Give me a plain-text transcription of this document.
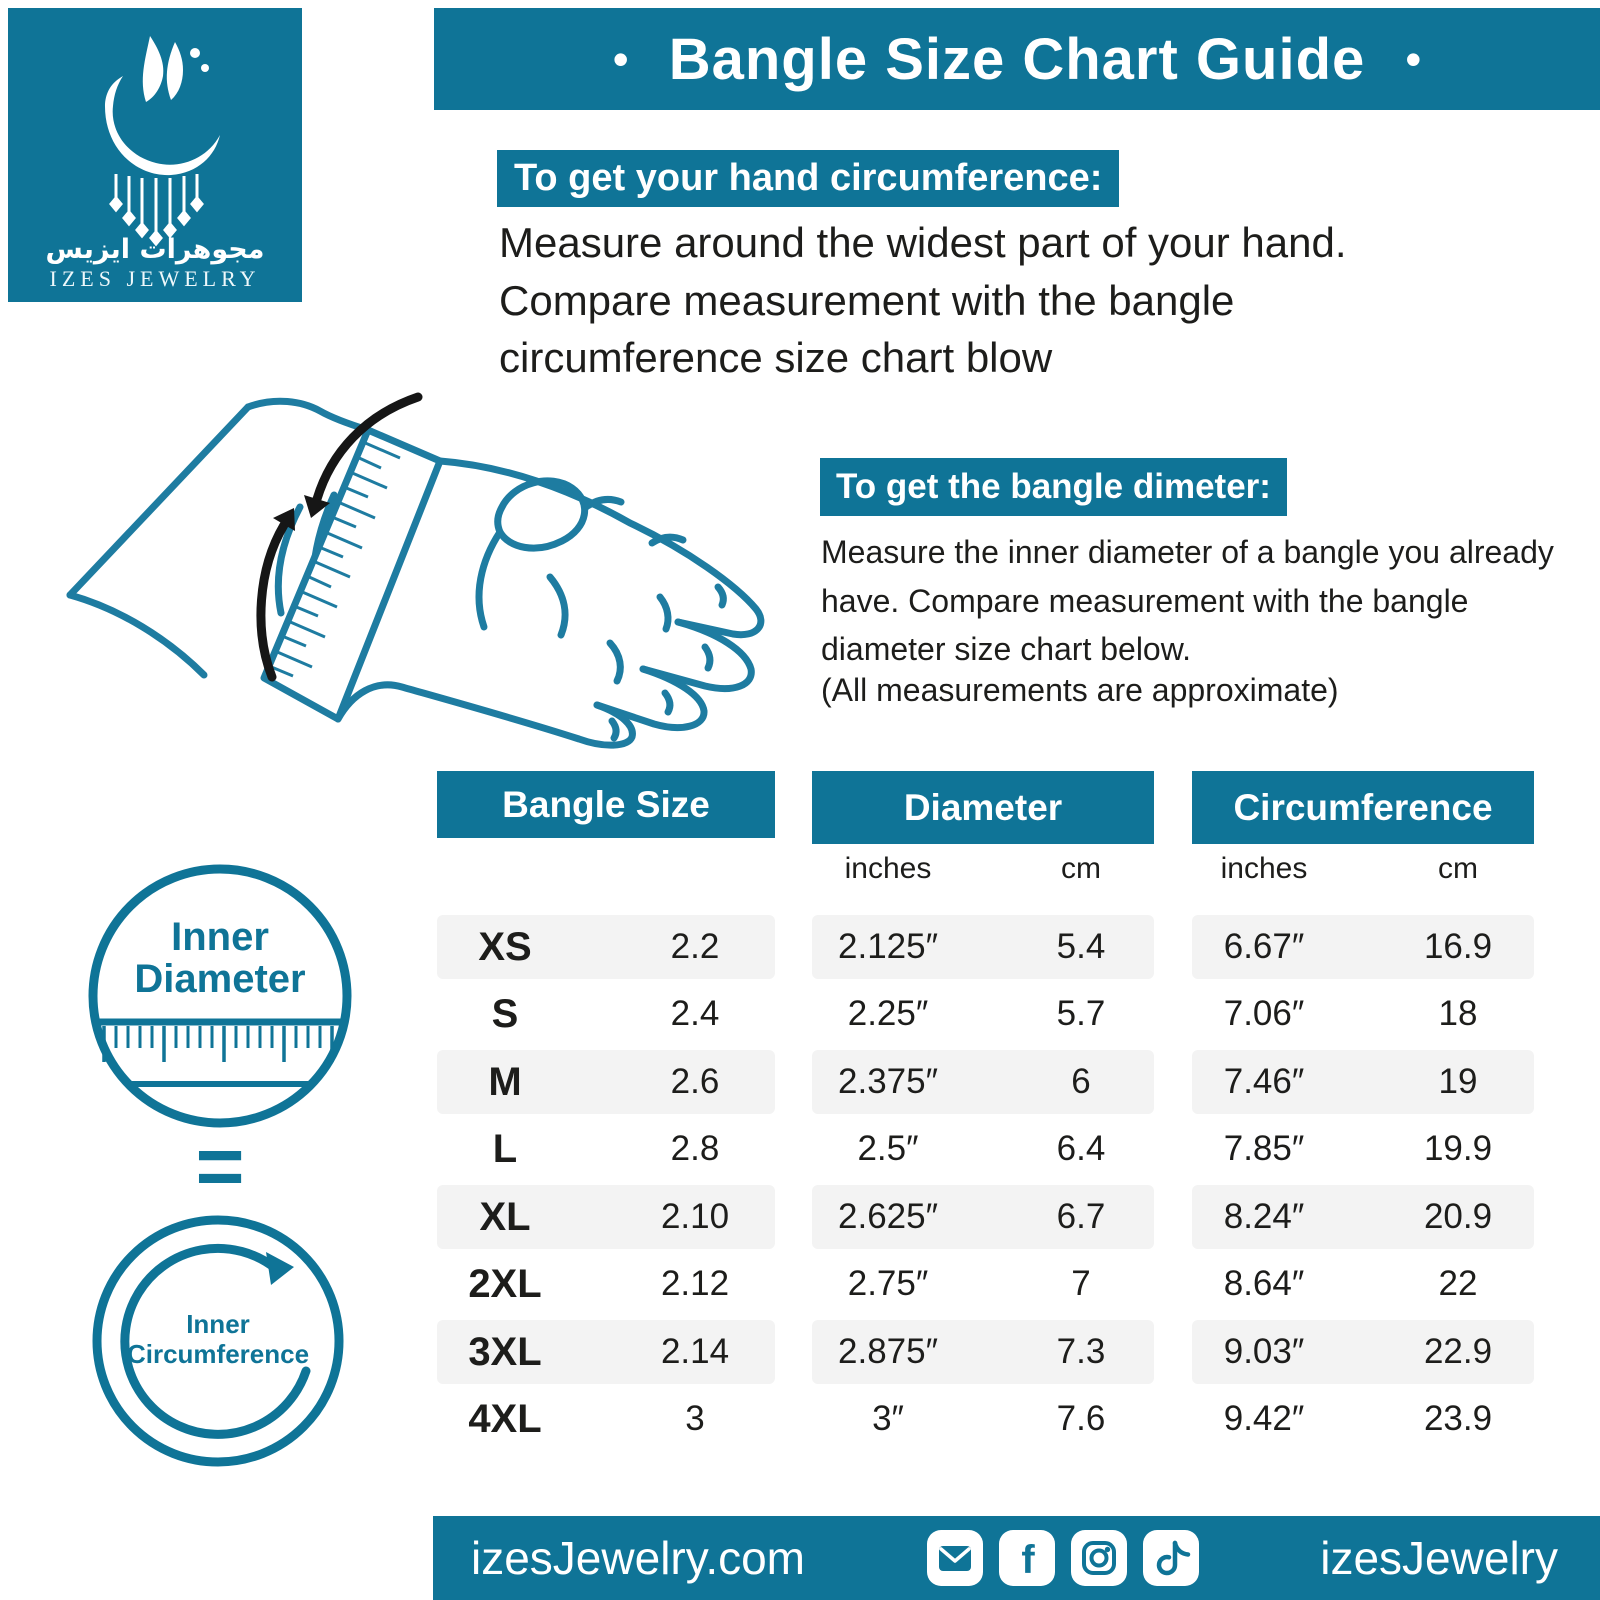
مجوهرات ايزيس
IZES JEWELRY
• Bangle Size Chart Guide •
To get your hand circumference:
Measure around the widest part of your hand. Compare measurement with the bangle circumference size chart blow
To get the bangle dimeter:
Measure the inner diameter of a bangle you already have. Compare measurement with the bangle diameter size chart below.
(All measurements are approximate)
Bangle Size	Diameter	Circumference
inches	cm	inches	cm
XS	2.2	2.125″	5.4	6.67″	16.9
S	2.4	2.25″	5.7	7.06″	18
M	2.6	2.375″	6	7.46″	19
L	2.8	2.5″	6.4	7.85″	19.9
XL	2.10	2.625″	6.7	8.24″	20.9
2XL	2.12	2.75″	7	8.64″	22
3XL	2.14	2.875″	7.3	9.03″	22.9
4XL	3	3″	7.6	9.42″	23.9
Inner
Diameter
=
Inner
Circumference
izesJewelry.com	f	izesJewelry
